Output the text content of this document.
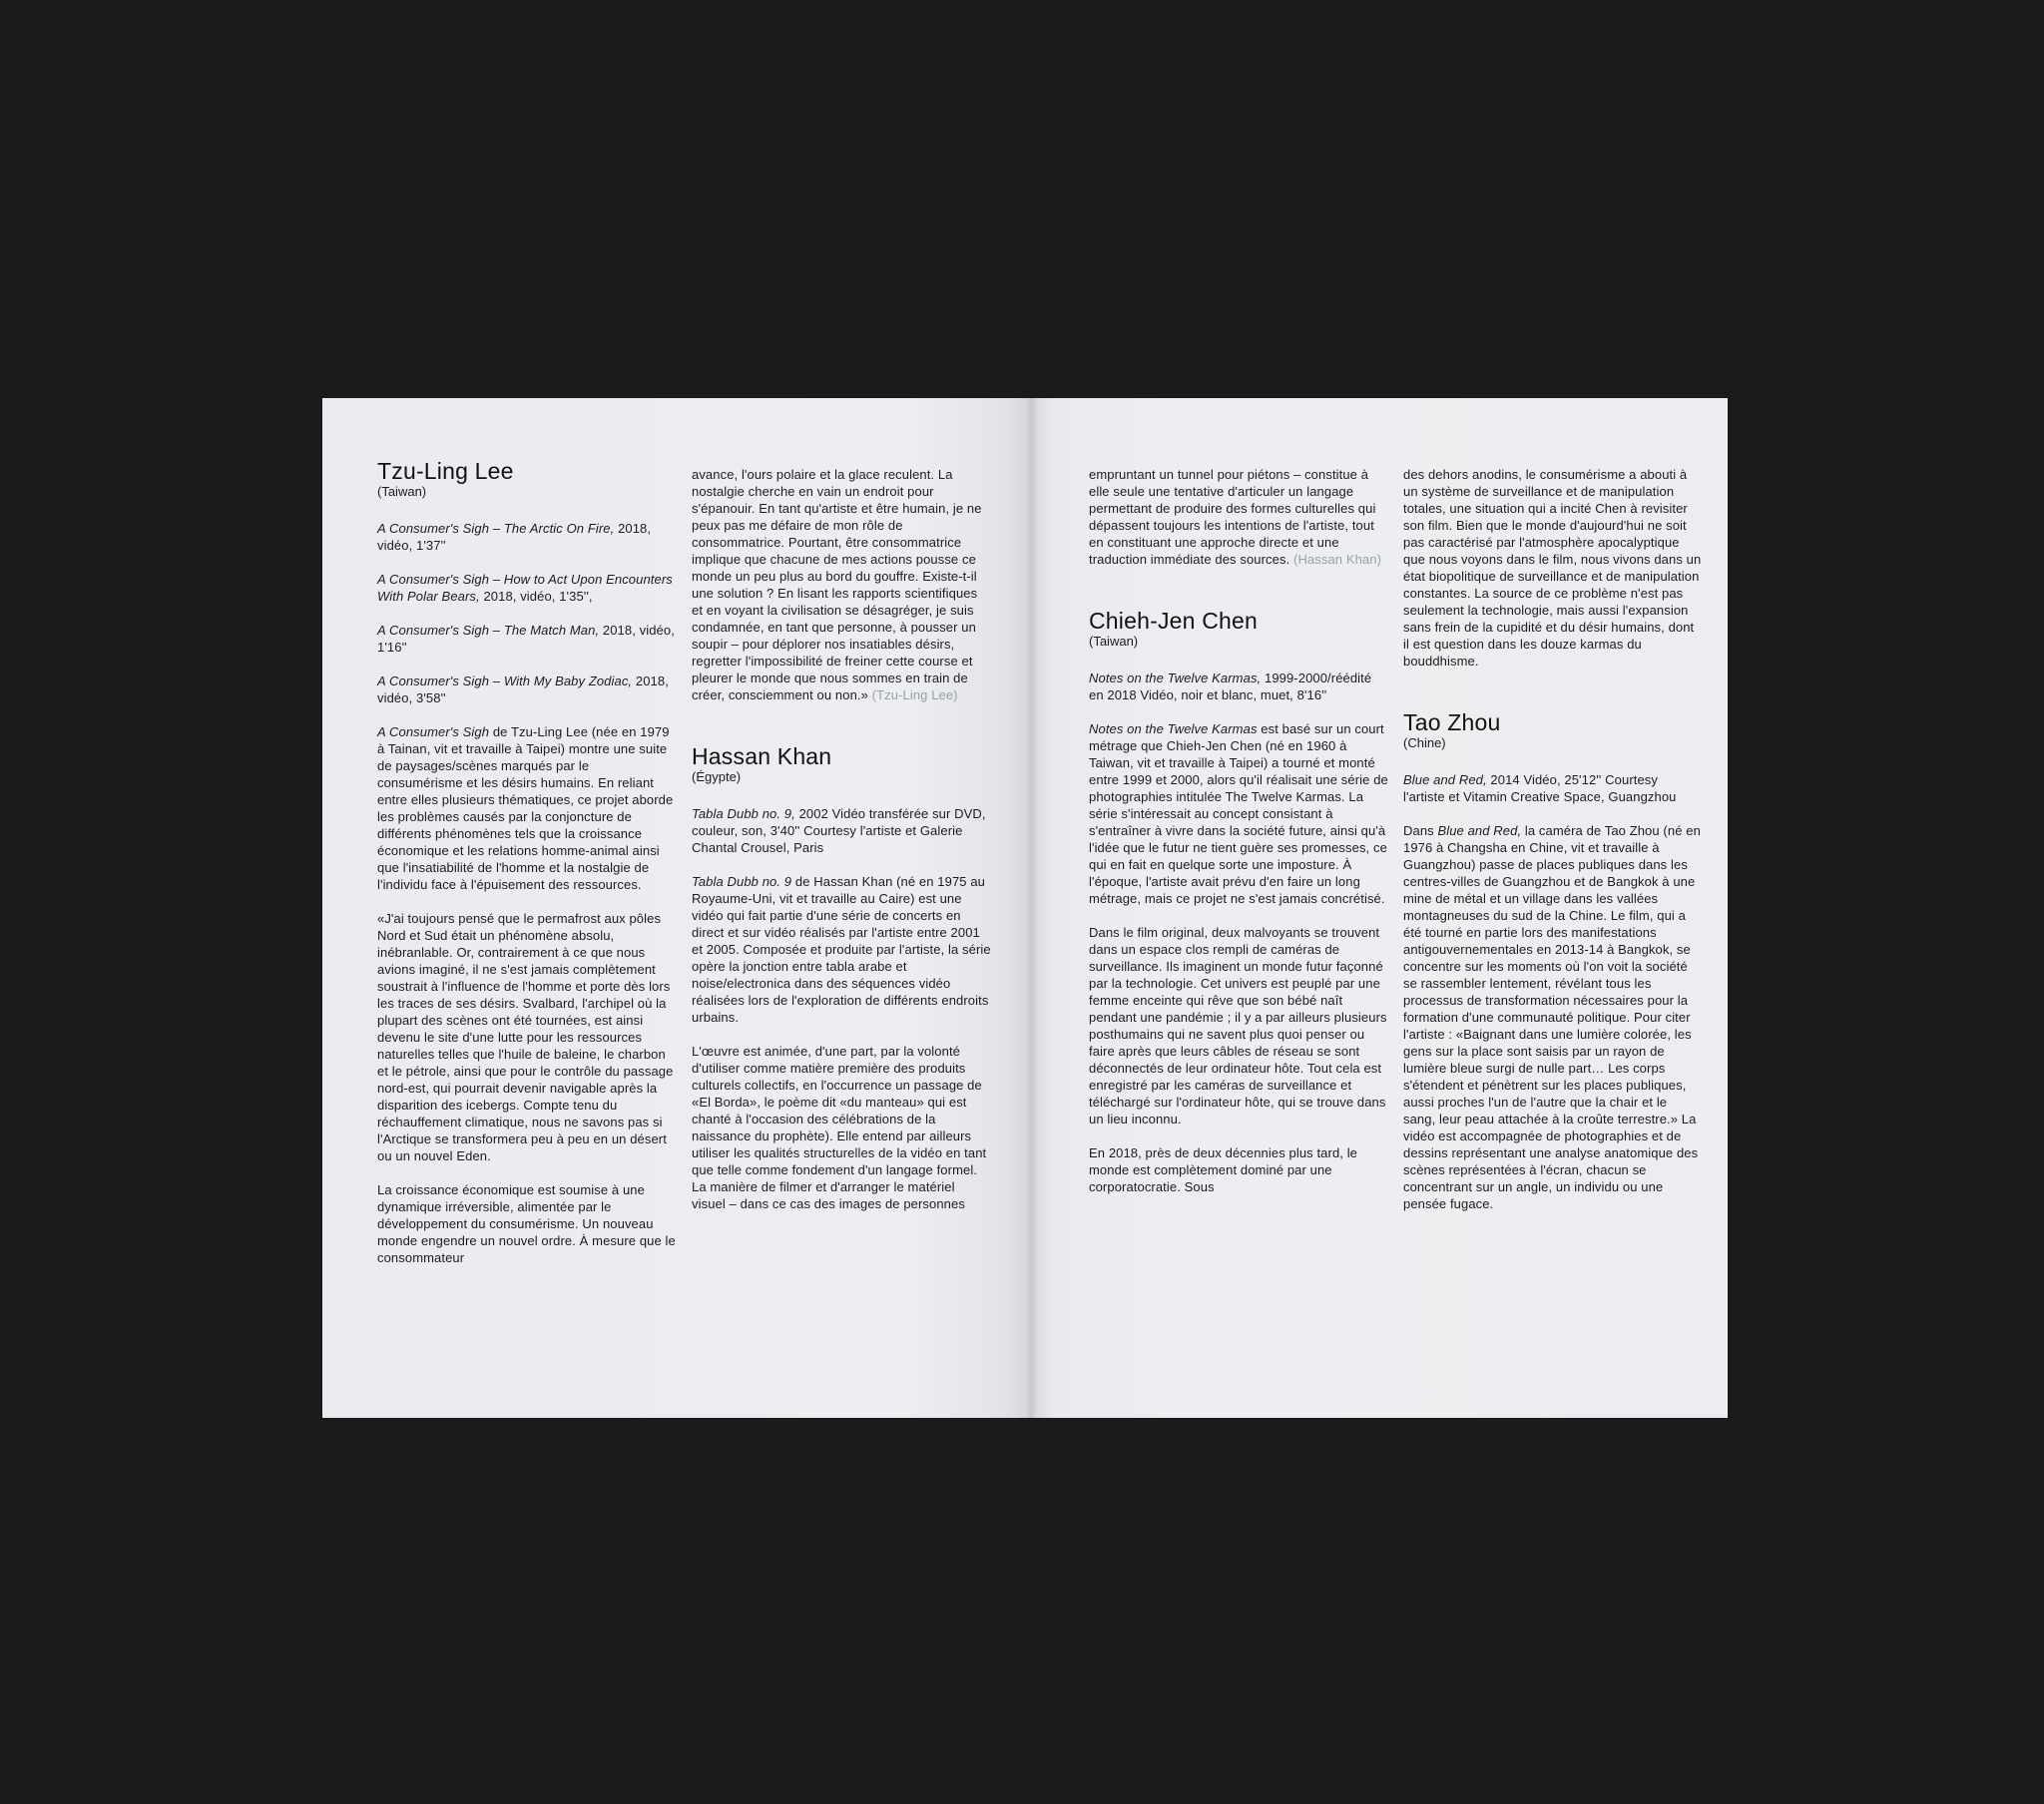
Tzu-Ling Lee
(Taiwan)

A Consumer's Sigh – The Arctic On Fire, 2018, vidéo, 1'37''

A Consumer's Sigh – How to Act Upon Encounters With Polar Bears, 2018, vidéo, 1'35'',

A Consumer's Sigh – The Match Man, 2018, vidéo, 1'16''

A Consumer's Sigh – With My Baby Zodiac, 2018, vidéo, 3'58''

A Consumer's Sigh de Tzu-Ling Lee (née en 1979 à Tainan, vit et travaille à Taipei) montre une suite de paysages/scènes marqués par le consumérisme et les désirs humains. En reliant entre elles plusieurs thématiques, ce projet aborde les problèmes causés par la conjoncture de différents phénomènes tels que la croissance économique et les relations homme-animal ainsi que l'insatiabilité de l'homme et la nostalgie de l'individu face à l'épuisement des ressources.

«J'ai toujours pensé que le permafrost aux pôles Nord et Sud était un phénomène absolu, inébranlable. Or, contrairement à ce que nous avions imaginé, il ne s'est jamais complètement soustrait à l'influence de l'homme et porte dès lors les traces de ses désirs. Svalbard, l'archipel où la plupart des scènes ont été tournées, est ainsi devenu le site d'une lutte pour les ressources naturelles telles que l'huile de baleine, le charbon et le pétrole, ainsi que pour le contrôle du passage nord-est, qui pourrait devenir navigable après la disparition des icebergs. Compte tenu du réchauffement climatique, nous ne savons pas si l'Arctique se transformera peu à peu en un désert ou un nouvel Eden.

La croissance économique est soumise à une dynamique irréversible, alimentée par le développement du consumérisme. Un nouveau monde engendre un nouvel ordre. À mesure que le consommateur

avance, l'ours polaire et la glace reculent. La nostalgie cherche en vain un endroit pour s'épanouir. En tant qu'artiste et être humain, je ne peux pas me défaire de mon rôle de consommatrice. Pourtant, être consommatrice implique que chacune de mes actions pousse ce monde un peu plus au bord du gouffre. Existe-t-il une solution ? En lisant les rapports scientifiques et en voyant la civilisation se désagréger, je suis condamnée, en tant que personne, à pousser un soupir – pour déplorer nos insatiables désirs, regretter l'impossibilité de freiner cette course et pleurer le monde que nous sommes en train de créer, consciemment ou non.» (Tzu-Ling Lee)

Hassan Khan
(Égypte)

Tabla Dubb no. 9, 2002 Vidéo transférée sur DVD, couleur, son, 3'40'' Courtesy l'artiste et Galerie Chantal Crousel, Paris

Tabla Dubb no. 9 de Hassan Khan (né en 1975 au Royaume-Uni, vit et travaille au Caire) est une vidéo qui fait partie d'une série de concerts en direct et sur vidéo réalisés par l'artiste entre 2001 et 2005. Composée et produite par l'artiste, la série opère la jonction entre tabla arabe et noise/electronica dans des séquences vidéo réalisées lors de l'exploration de différents endroits urbains.

L'œuvre est animée, d'une part, par la volonté d'utiliser comme matière première des produits culturels collectifs, en l'occurrence un passage de «El Borda», le poème dit «du manteau» qui est chanté à l'occasion des célébrations de la naissance du prophète). Elle entend par ailleurs utiliser les qualités structurelles de la vidéo en tant que telle comme fondement d'un langage formel. La manière de filmer et d'arranger le matériel visuel – dans ce cas des images de personnes

empruntant un tunnel pour piétons – constitue à elle seule une tentative d'articuler un langage permettant de produire des formes culturelles qui dépassent toujours les intentions de l'artiste, tout en constituant une approche directe et une traduction immédiate des sources. (Hassan Khan)

Chieh-Jen Chen
(Taiwan)

Notes on the Twelve Karmas, 1999-2000/réédité en 2018 Vidéo, noir et blanc, muet, 8'16''

Notes on the Twelve Karmas est basé sur un court métrage que Chieh-Jen Chen (né en 1960 à Taiwan, vit et travaille à Taipei) a tourné et monté entre 1999 et 2000, alors qu'il réalisait une série de photographies intitulée The Twelve Karmas. La série s'intéressait au concept consistant à s'entraîner à vivre dans la société future, ainsi qu'à l'idée que le futur ne tient guère ses promesses, ce qui en fait en quelque sorte une imposture. À l'époque, l'artiste avait prévu d'en faire un long métrage, mais ce projet ne s'est jamais concrétisé.

Dans le film original, deux malvoyants se trouvent dans un espace clos rempli de caméras de surveillance. Ils imaginent un monde futur façonné par la technologie. Cet univers est peuplé par une femme enceinte qui rêve que son bébé naît pendant une pandémie ; il y a par ailleurs plusieurs posthumains qui ne savent plus quoi penser ou faire après que leurs câbles de réseau se sont déconnectés de leur ordinateur hôte. Tout cela est enregistré par les caméras de surveillance et téléchargé sur l'ordinateur hôte, qui se trouve dans un lieu inconnu.

En 2018, près de deux décennies plus tard, le monde est complètement dominé par une corporatocratie. Sous

des dehors anodins, le consumérisme a abouti à un système de surveillance et de manipulation totales, une situation qui a incité Chen à revisiter son film. Bien que le monde d'aujourd'hui ne soit pas caractérisé par l'atmosphère apocalyptique que nous voyons dans le film, nous vivons dans un état biopolitique de surveillance et de manipulation constantes. La source de ce problème n'est pas seulement la technologie, mais aussi l'expansion sans frein de la cupidité et du désir humains, dont il est question dans les douze karmas du bouddhisme.

Tao Zhou
(Chine)

Blue and Red, 2014 Vidéo, 25'12'' Courtesy l'artiste et Vitamin Creative Space, Guangzhou

Dans Blue and Red, la caméra de Tao Zhou (né en 1976 à Changsha en Chine, vit et travaille à Guangzhou) passe de places publiques dans les centres-villes de Guangzhou et de Bangkok à une mine de métal et un village dans les vallées montagneuses du sud de la Chine. Le film, qui a été tourné en partie lors des manifestations antigouvernementales en 2013-14 à Bangkok, se concentre sur les moments où l'on voit la société se rassembler lentement, révélant tous les processus de transformation nécessaires pour la formation d'une communauté politique. Pour citer l'artiste : «Baignant dans une lumière colorée, les gens sur la place sont saisis par un rayon de lumière bleue surgi de nulle part… Les corps s'étendent et pénètrent sur les places publiques, aussi proches l'un de l'autre que la chair et le sang, leur peau attachée à la croûte terrestre.» La vidéo est accompagnée de photographies et de dessins représentant une analyse anatomique des scènes représentées à l'écran, chacun se concentrant sur un angle, un individu ou une pensée fugace.
